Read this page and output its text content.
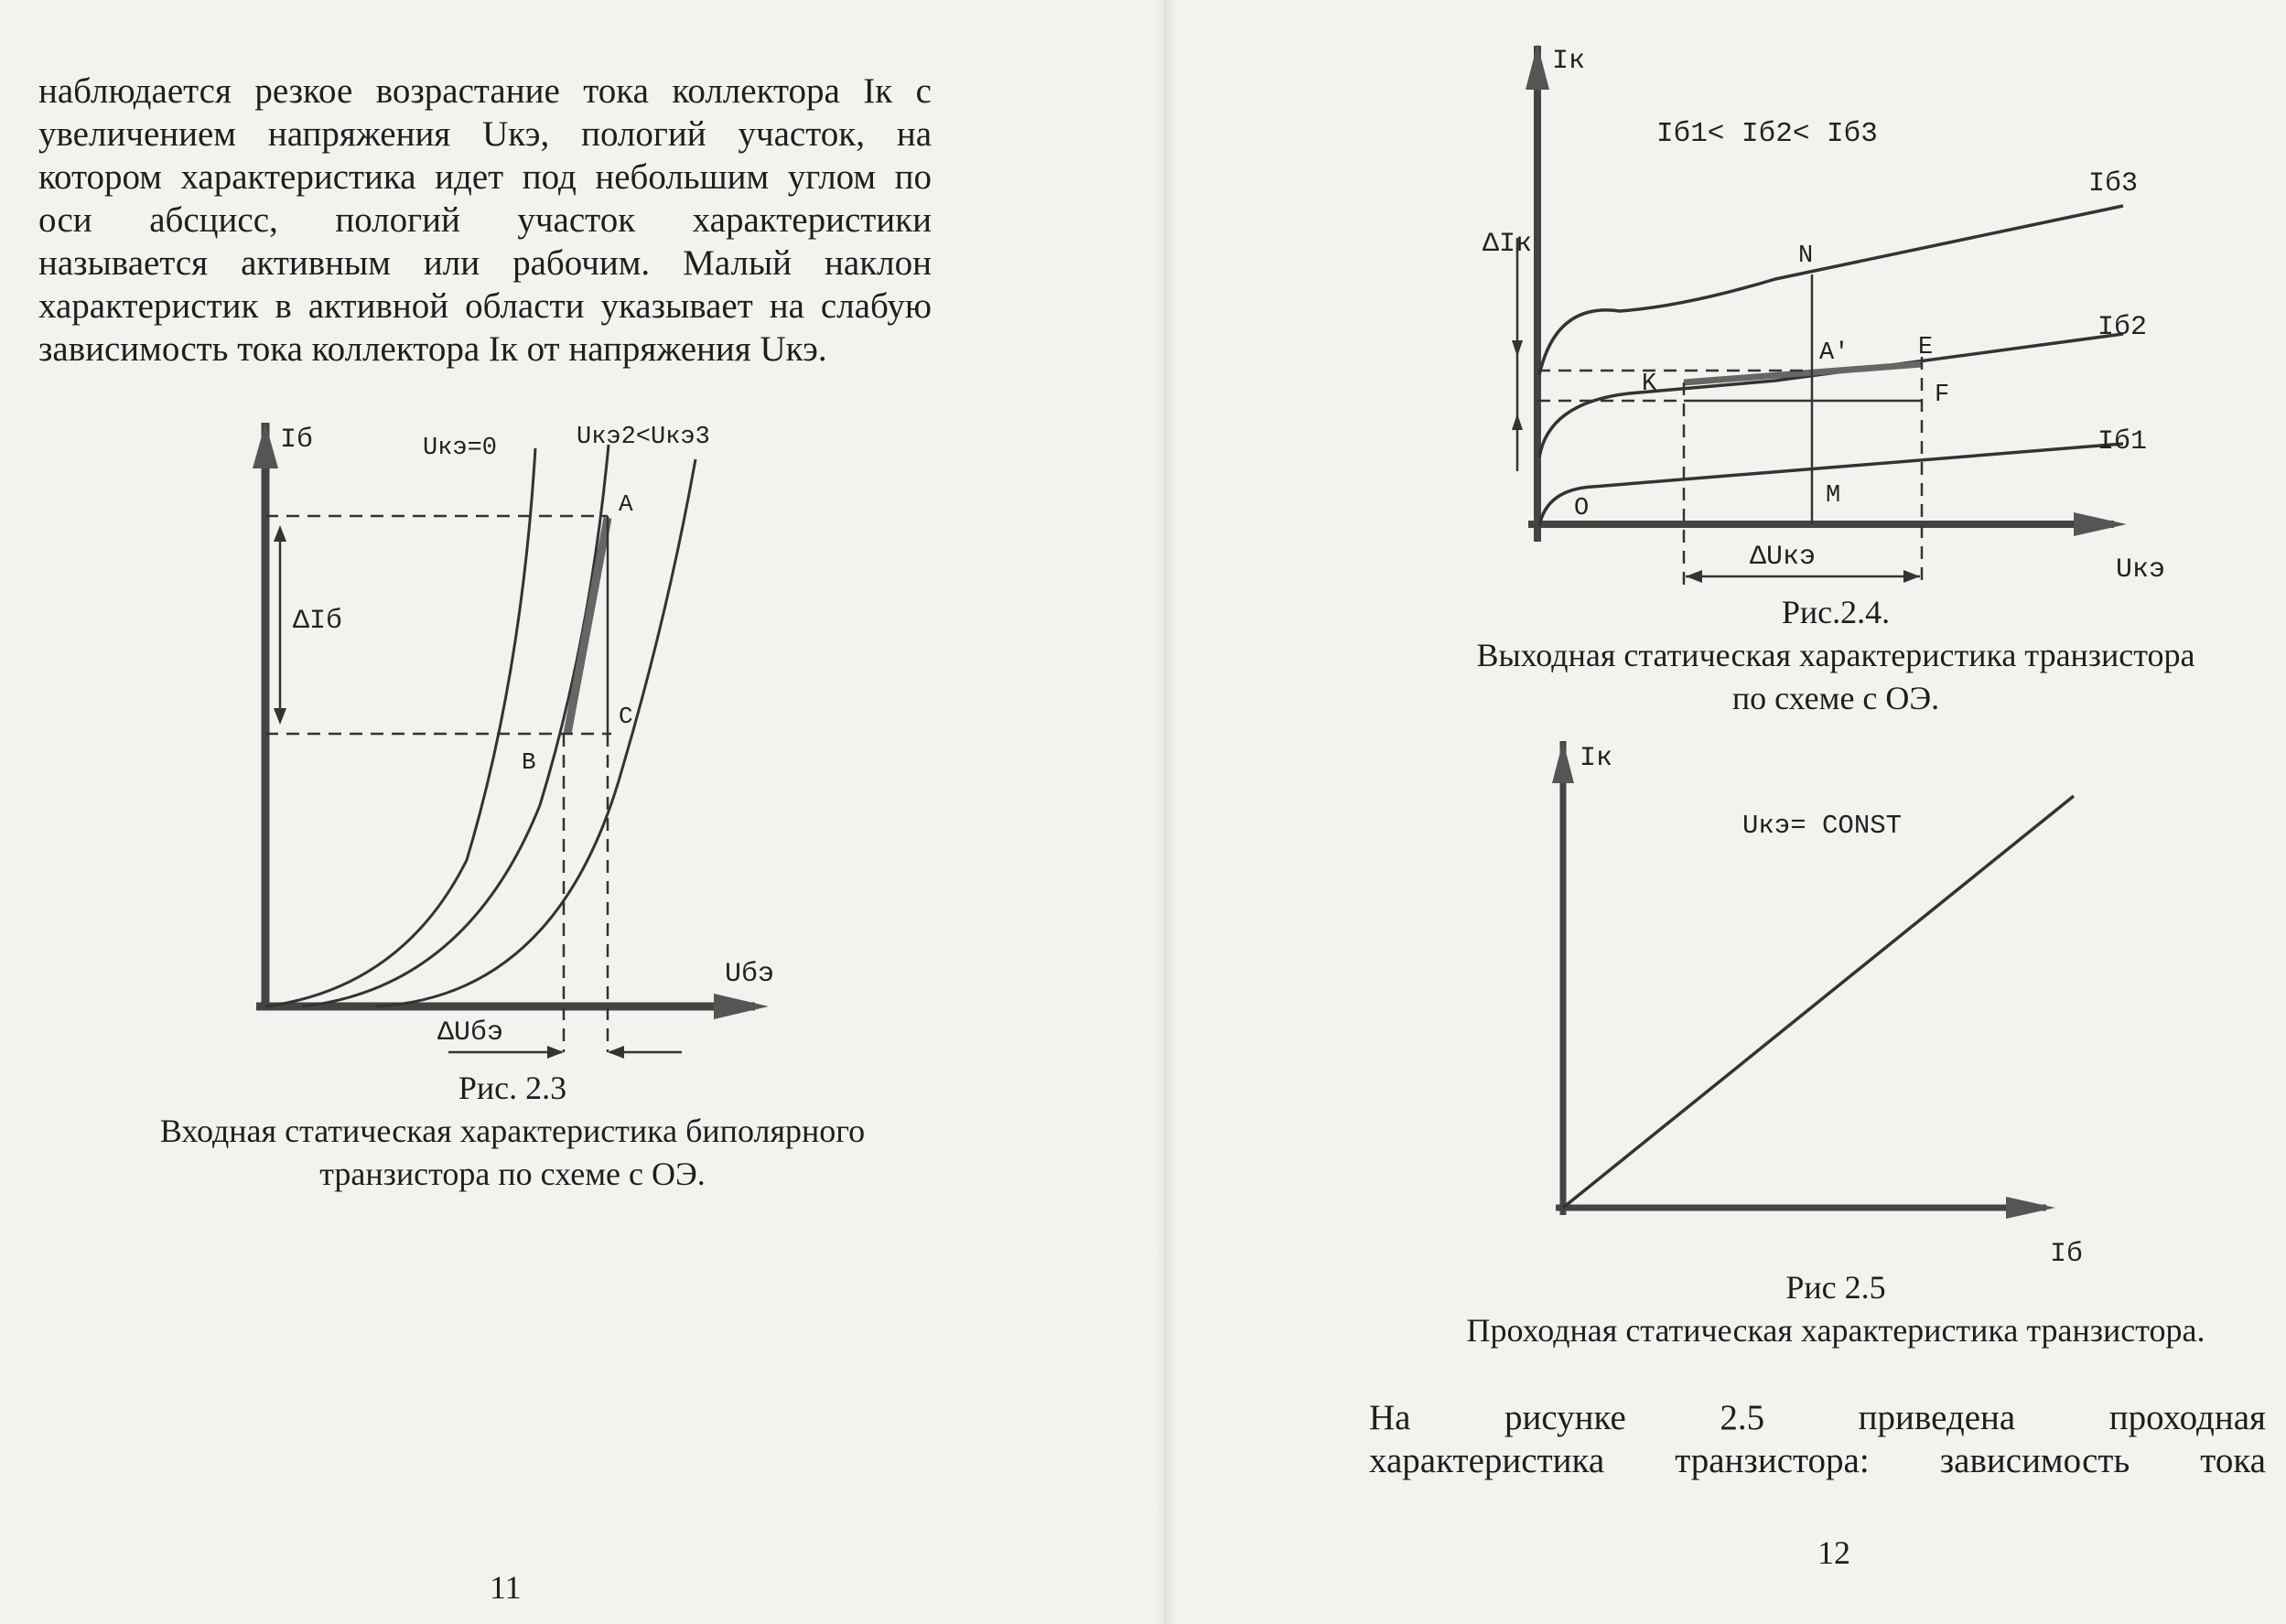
наблюдается резкое возрастание тока коллектора Iк с
увеличением напряжения Uкэ, пологий участок, на
котором характеристика идет под небольшим углом по
оси абсцисс, пологий участок характеристики
называется активным или рабочим. Малый наклон
характеристик в активной области указывает на слабую
зависимость тока коллектора Iк от напряжения Uкэ.
Iб
Uбэ
ΔIб
ΔUбэ
Uкэ=0	Uкэ2<Uкэ3
A
B
C
Рис. 2.3
Входная статическая характеристика биполярного
транзистора по схеме с ОЭ.
11
Iк
Uкэ
Iб1< Iб2< Iб3
ΔIк
ΔUкэ
Iб3
Iб2
Iб1
N
K
A'	E
F
M
O
Рис.2.4.
Выходная статическая характеристика транзистора
по схеме с ОЭ.
Iк
Iб
Uкэ= CONST
Рис 2.5
Проходная статическая характеристика транзистора.
На рисунке 2.5 приведена проходная
характеристика транзистора: зависимость тока
12
